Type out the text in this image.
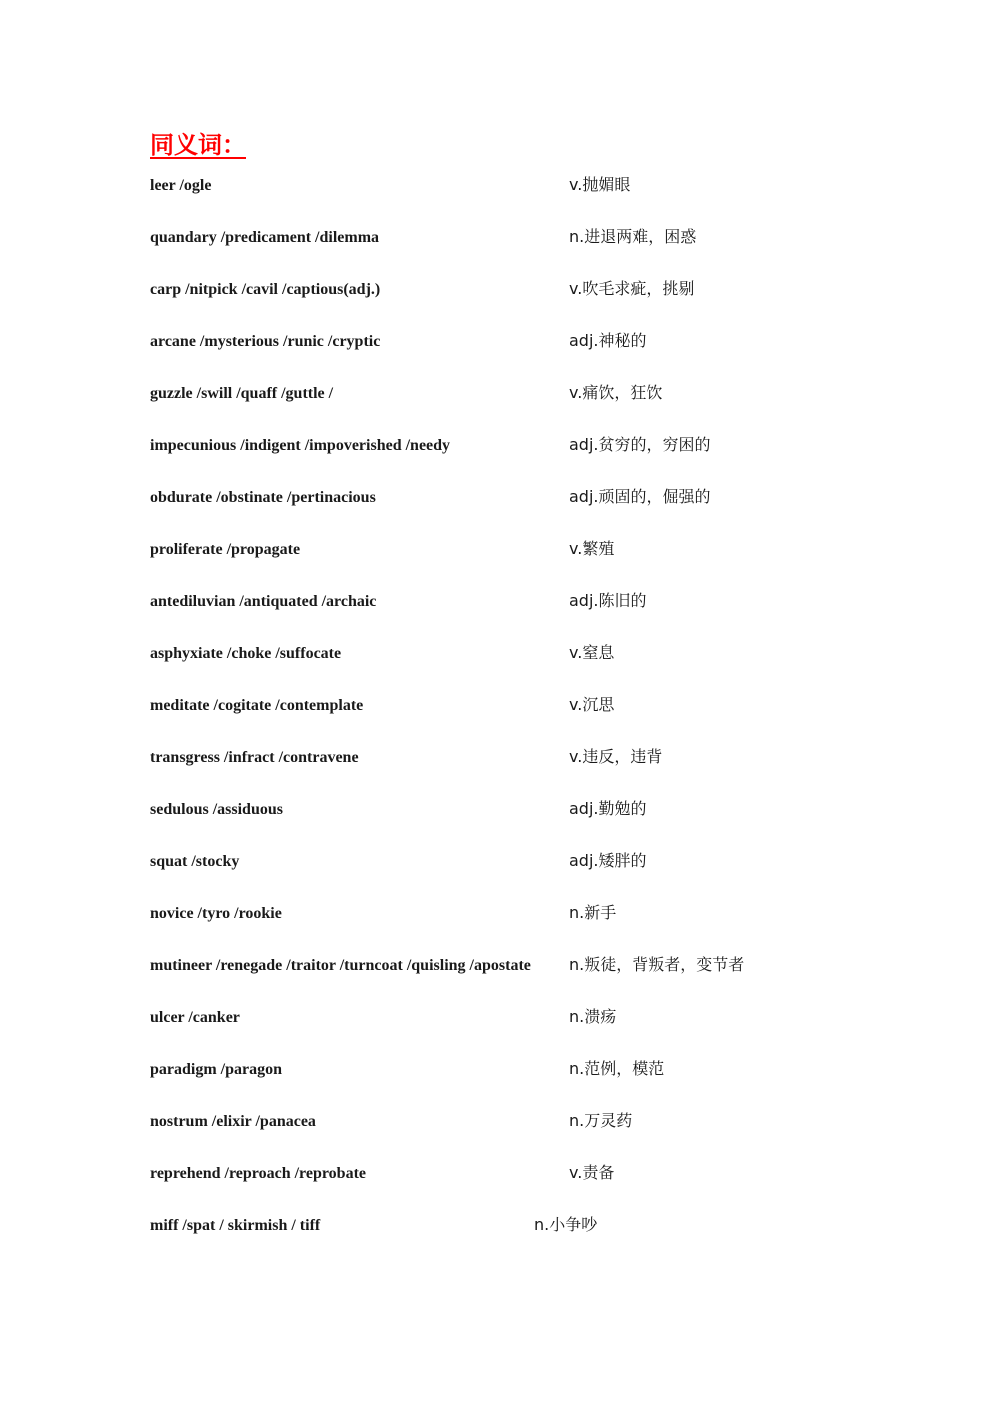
同义词：
leer /ogle	v.抛媚眼
quandary /predicament /dilemma	n.进退两难，困惑
carp /nitpick /cavil /captious(adj.)	v.吹毛求疵，挑剔
arcane /mysterious /runic /cryptic	adj.神秘的
guzzle /swill /quaff /guttle /	v.痛饮，狂饮
impecunious /indigent /impoverished /needy	adj.贫穷的，穷困的
obdurate /obstinate /pertinacious	adj.顽固的，倔强的
proliferate /propagate	v.繁殖
antediluvian /antiquated /archaic	adj.陈旧的
asphyxiate /choke /suffocate	v.窒息
meditate /cogitate /contemplate	v.沉思
transgress /infract /contravene	v.违反，违背
sedulous /assiduous	adj.勤勉的
squat /stocky	adj.矮胖的
novice /tyro /rookie	n.新手
mutineer /renegade /traitor /turncoat /quisling /apostate n.叛徒，背叛者，变节者
ulcer /canker	n.溃疡
paradigm /paragon	n.范例，模范
nostrum /elixir /panacea	n.万灵药
reprehend /reproach /reprobate	v.责备
miff /spat / skirmish / tiff	n.小争吵
